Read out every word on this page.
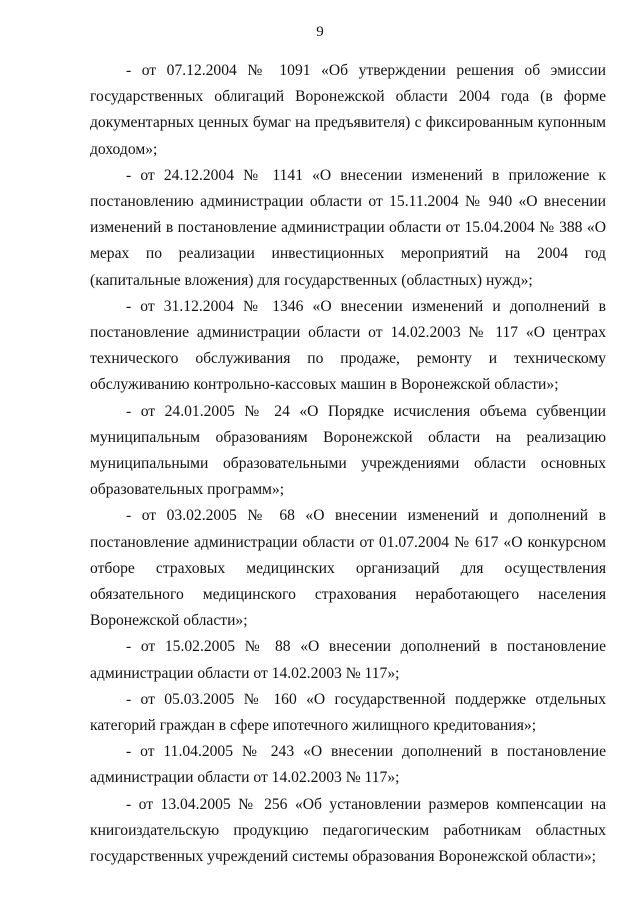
9

- от 07.12.2004 № 1091 «Об утверждении решения об эмиссии государственных облигаций Воронежской области 2004 года (в форме документарных ценных бумаг на предъявителя) с фиксированным купонным доходом»;

- от 24.12.2004 № 1141 «О внесении изменений в приложение к постановлению администрации области от 15.11.2004 № 940 «О внесении изменений в постановление администрации области от 15.04.2004 № 388 «О мерах по реализации инвестиционных мероприятий на 2004 год (капитальные вложения) для государственных (областных) нужд»;

- от 31.12.2004 № 1346 «О внесении изменений и дополнений в постановление администрации области от 14.02.2003 № 117 «О центрах технического обслуживания по продаже, ремонту и техническому обслуживанию контрольно-кассовых машин в Воронежской области»;

- от 24.01.2005 № 24 «О Порядке исчисления объема субвенции муниципальным образованиям Воронежской области на реализацию муниципальными образовательными учреждениями области основных образовательных программ»;

- от 03.02.2005 № 68 «О внесении изменений и дополнений в постановление администрации области от 01.07.2004 № 617 «О конкурсном отборе страховых медицинских организаций для осуществления обязательного медицинского страхования неработающего населения Воронежской области»;

- от 15.02.2005 № 88 «О внесении дополнений в постановление администрации области от 14.02.2003 № 117»;

- от 05.03.2005 № 160 «О государственной поддержке отдельных категорий граждан в сфере ипотечного жилищного кредитования»;

- от 11.04.2005 № 243 «О внесении дополнений в постановление администрации области от 14.02.2003 № 117»;

- от 13.04.2005 № 256 «Об установлении размеров компенсации на книгоиздательскую продукцию педагогическим работникам областных государственных учреждений системы образования Воронежской области»;
